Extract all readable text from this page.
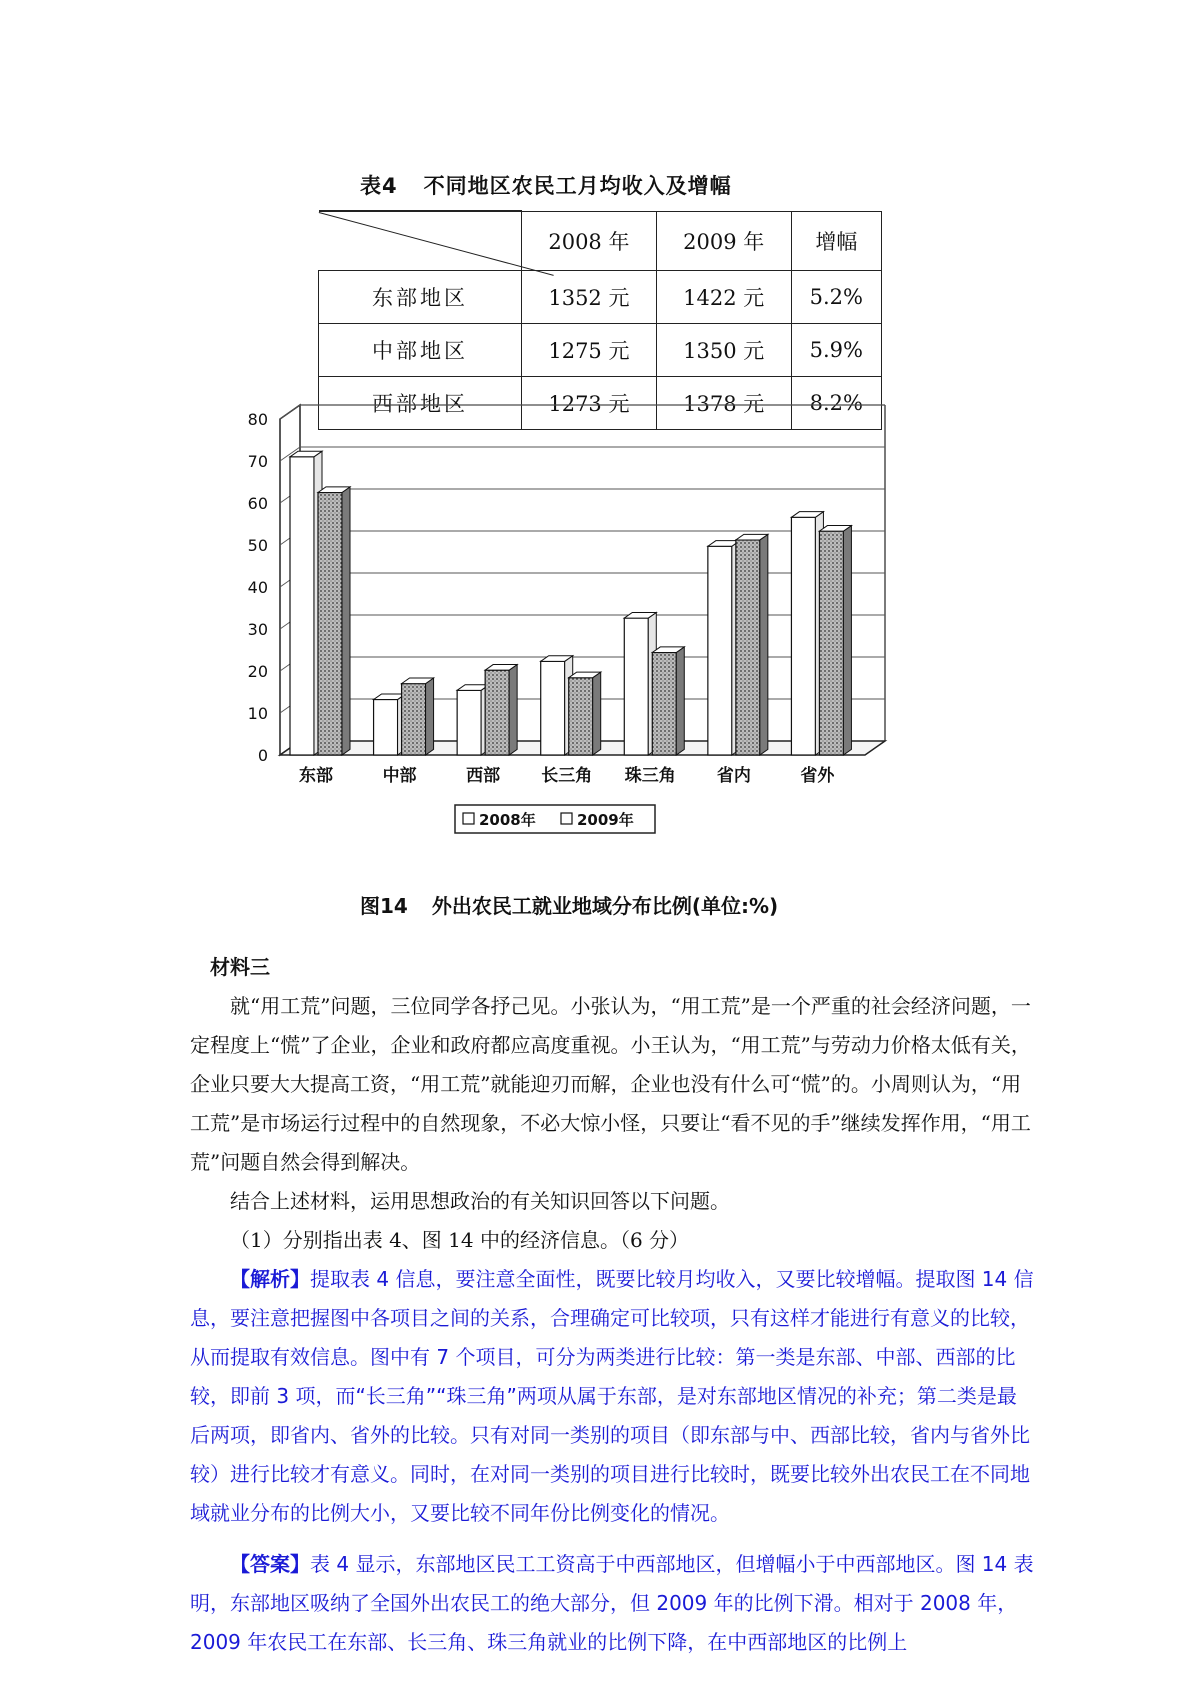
表4 不同地区农民工月均收入及增幅
	2008 年	2009 年	增幅
东部地区	1352 元	1422 元	5.2%
中部地区	1275 元	1350 元	5.9%
西部地区	1273 元	1378 元	8.2%
0
10
20
30
40
50
60
70
80
东部	中部	西部 长三角 珠三角 省内	省外
2008年	2009年
图14 外出农民工就业地域分布比例(单位:%)

材料三

就“用工荒”问题，三位同学各抒己见。小张认为，“用工荒”是一个严重的社会经济问题，一定程度上“慌”了企业，企业和政府都应高度重视。小王认为，“用工荒”与劳动力价格太低有关，企业只要大大提高工资，“用工荒”就能迎刃而解，企业也没有什么可“慌”的。小周则认为，“用工荒”是市场运行过程中的自然现象，不必大惊小怪，只要让“看不见的手”继续发挥作用，“用工荒”问题自然会得到解决。

结合上述材料，运用思想政治的有关知识回答以下问题。

（1）分别指出表 4、图 14 中的经济信息。（6 分）

【解析】提取表 4 信息，要注意全面性，既要比较月均收入，又要比较增幅。提取图 14 信息，要注意把握图中各项目之间的关系，合理确定可比较项，只有这样才能进行有意义的比较，从而提取有效信息。图中有 7 个项目，可分为两类进行比较：第一类是东部、中部、西部的比较，即前 3 项，而“长三角”“珠三角”两项从属于东部，是对东部地区情况的补充；第二类是最后两项，即省内、省外的比较。只有对同一类别的项目（即东部与中、西部比较，省内与省外比较）进行比较才有意义。同时，在对同一类别的项目进行比较时，既要比较外出农民工在不同地域就业分布的比例大小，又要比较不同年份比例变化的情况。

【答案】表 4 显示，东部地区民工工资高于中西部地区，但增幅小于中西部地区。图 14 表明，东部地区吸纳了全国外出农民工的绝大部分，但 2009 年的比例下滑。相对于 2008 年，2009 年农民工在东部、长三角、珠三角就业的比例下降，在中西部地区的比例上
